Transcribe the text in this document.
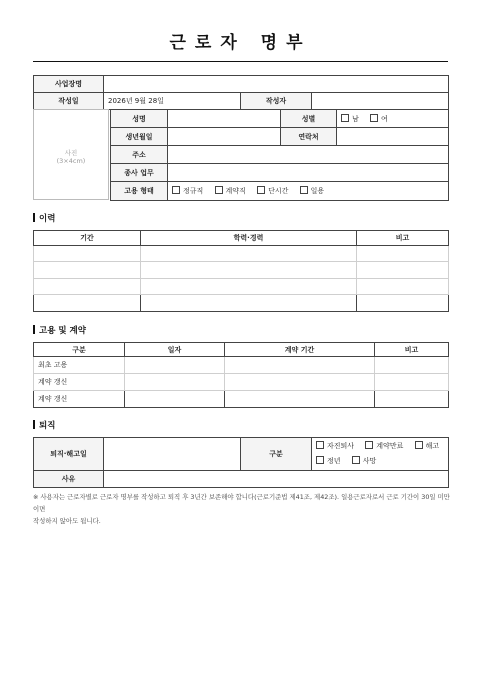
근로자 명부
사업장명			
작성일	2026년 9월 28일	작성자	
사진
(3×4cm)
성명		성별	남 여
생년월일		연락처	
주소			
종사 업무			
고용 형태	정규직 계약직 단시간 일용		
이력
기간	학력·경력	비고

고용 및 계약
구분	일자	계약 기간	비고
최초 고용			
계약 갱신			
계약 갱신			
퇴직
퇴직·해고일		구분	자진퇴사 계약만료 해고
정년 사망

사유			
※ 사용자는 근로자별로 근로자 명부를 작성하고 퇴직 후 3년간 보존해야 합니다(근로기준법 제41조, 제42조). 일용근로자로서 근로 기간이 30일 미만이면
작성하지 않아도 됩니다.
